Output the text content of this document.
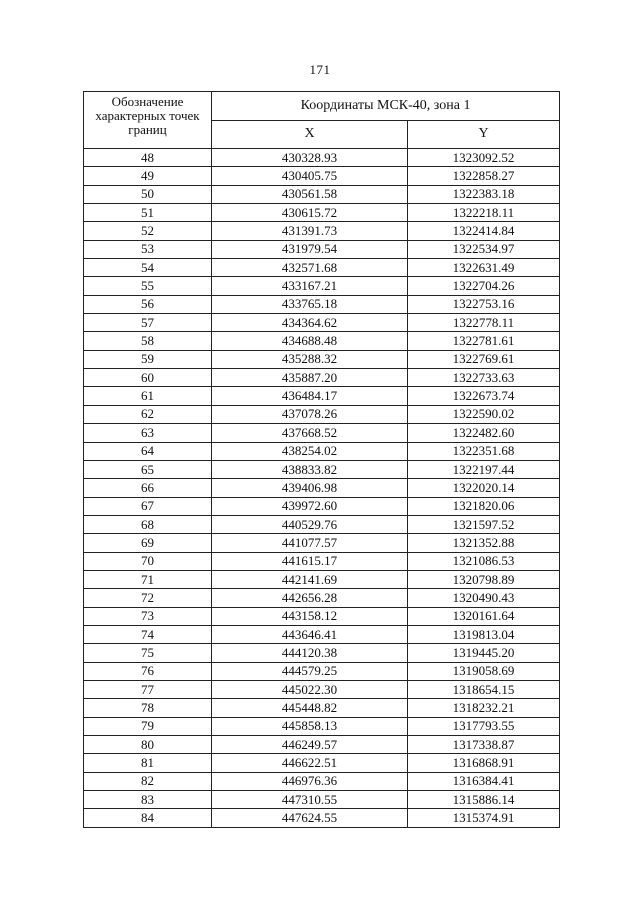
171
Обозначение характерных точек границ	Координаты МСК-40, зона 1	
	X	Y
48	430328.93	1323092.52
49	430405.75	1322858.27
50	430561.58	1322383.18
51	430615.72	1322218.11
52	431391.73	1322414.84
53	431979.54	1322534.97
54	432571.68	1322631.49
55	433167.21	1322704.26
56	433765.18	1322753.16
57	434364.62	1322778.11
58	434688.48	1322781.61
59	435288.32	1322769.61
60	435887.20	1322733.63
61	436484.17	1322673.74
62	437078.26	1322590.02
63	437668.52	1322482.60
64	438254.02	1322351.68
65	438833.82	1322197.44
66	439406.98	1322020.14
67	439972.60	1321820.06
68	440529.76	1321597.52
69	441077.57	1321352.88
70	441615.17	1321086.53
71	442141.69	1320798.89
72	442656.28	1320490.43
73	443158.12	1320161.64
74	443646.41	1319813.04
75	444120.38	1319445.20
76	444579.25	1319058.69
77	445022.30	1318654.15
78	445448.82	1318232.21
79	445858.13	1317793.55
80	446249.57	1317338.87
81	446622.51	1316868.91
82	446976.36	1316384.41
83	447310.55	1315886.14
84	447624.55	1315374.91
